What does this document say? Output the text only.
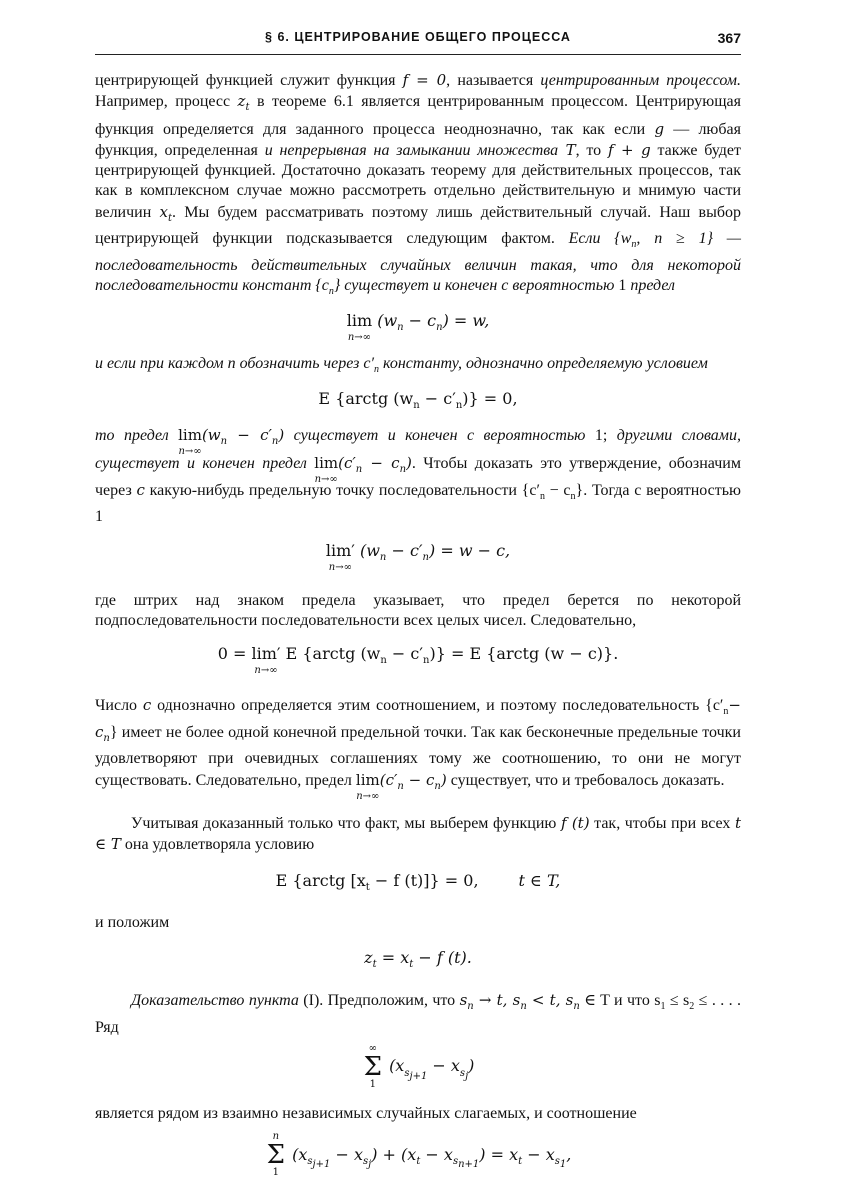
§ 6. ЦЕНТРИРОВАНИЕ ОБЩЕГО ПРОЦЕССА	367

центрирующей функцией служит функция f = 0, называется центрированным процессом. Например, процесс $z_t$ в теореме 6.1 является центрированным процессом. Центрирующая функция определяется для заданного процесса неоднозначно, так как если g — любая функция, определенная и непрерывная на замыкании множества T, то f + g также будет центрирующей функцией. Достаточно доказать теорему для действительных процессов, так как в комплексном случае можно рассмотреть отдельно действительную и мнимую части величин $x_t$. Мы будем рассматривать поэтому лишь действительный случай. Наш выбор центрирующей функции подсказывается следующим фактом. Если {$w_n$, n ≥ 1} — последовательность действительных случайных величин такая, что для некоторой последовательности констант $\{c_n\}$ существует и конечен с вероятностью 1 предел

lim
n→∞
$(w_n - c_n) = w$,

и если при каждом n обозначить через $c'_n$ константу, однозначно определяемую условием

E {arctg $(w_n - c'_n)\} = 0$,

то предел lim
n→∞
$(w_n - c'_n)$ существует и конечен с вероятностью 1; другими словами, существует и конечен предел lim
n→∞
$(c'_n - c_n)$. Чтобы доказать это утверждение, обозначим через c какую-нибудь предельную точку последовательности $\{c'_n - c_n\}$. Тогда с вероятностью 1

lim′
n→∞
$(w_n - c'_n) = w - c$,

где штрих над знаком предела указывает, что предел берется по некоторой подпоследовательности последовательности всех целых чисел. Следовательно,

0 = lim′
n→∞
E {arctg $(w_n - c'_n)\} = E$ {arctg (w − c)}.

Число c однозначно определяется этим соотношением, и поэтому последовательность $\{c'_n- c_n\}$ имеет не более одной конечной предельной точки. Так как бесконечные предельные точки удовлетворяют при очевидных соглашениях тому же соотношению, то они не могут существовать. Следовательно, предел lim
n→∞
$(c'_n - c_n)$ существует, что и требовалось доказать.

Учитывая доказанный только что факт, мы выберем функцию f (t) так, чтобы при всех t ∈ T она удовлетворяла условию

E {arctg [$x_t - f$ (t)]} = 0,	t ∈ T,

и положим

$z_t = x_t - f$ (t).

Доказательство пункта (I). Предположим, что $s_n \to t$, $s_n < t$, $s_n$ ∈ T и что $s_1 \le s_2$ ≤ . . . . Ряд

∞
Σ
1
$(x_{s_{j+1}} - x_{s_j})$

является рядом из взаимно независимых случайных слагаемых, и соотношение

n
Σ
1
$(x_{s_{j+1}} - x_{s_j}) + (x_t - x_{s_{n+1}}) = x_t - x_{s_1}$,
